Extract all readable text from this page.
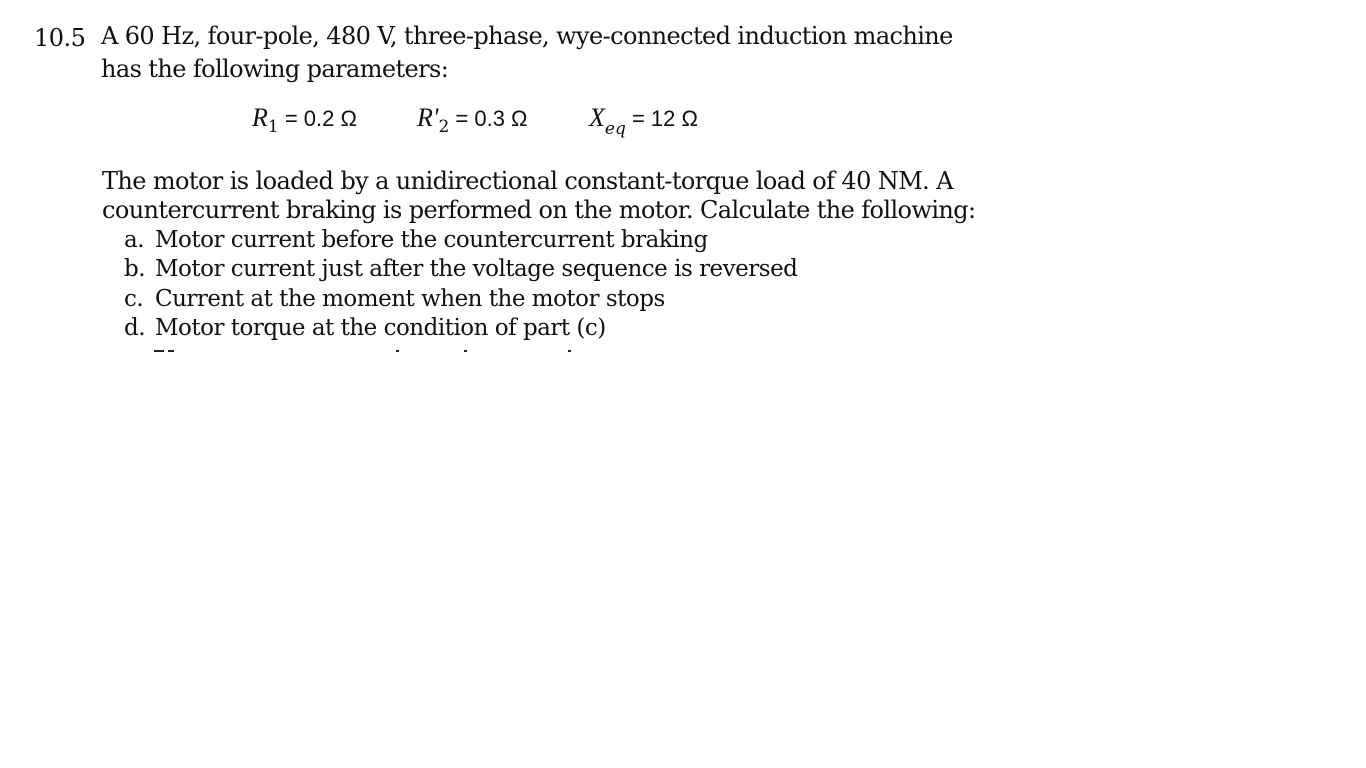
10.5 A 60 Hz, four-pole, 480 V, three-phase, wye-connected induction machine
has the following parameters:
$R_1 = 0.2$ Ω $R'_2 = 0.3$ Ω $X_{eq} = 12$ Ω
The motor is loaded by a unidirectional constant-torque load of 40 NM. A
countercurrent braking is performed on the motor. Calculate the following:
a. Motor current before the countercurrent braking
b. Motor current just after the voltage sequence is reversed
c. Current at the moment when the motor stops
d. Motor torque at the condition of part (c)
